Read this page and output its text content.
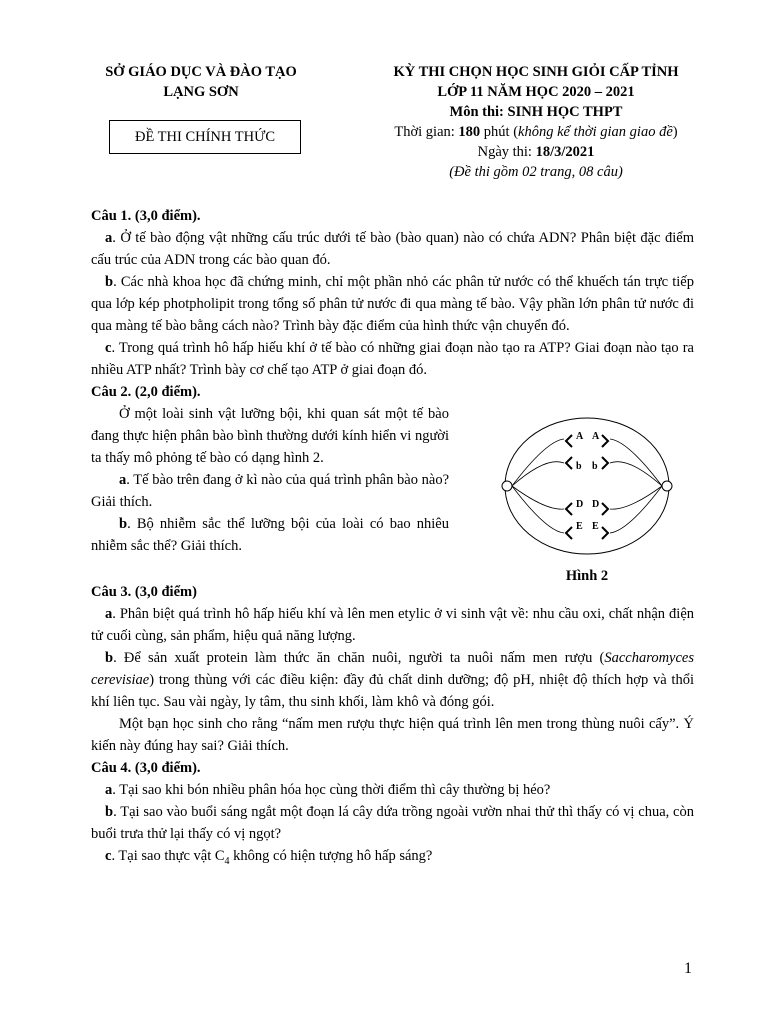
SỞ GIÁO DỤC VÀ ĐÀO TẠO
LẠNG SƠN
ĐỀ THI CHÍNH THỨC
KỲ THI CHỌN HỌC SINH GIỎI CẤP TỈNH
LỚP 11 NĂM HỌC 2020 – 2021
Môn thi: SINH HỌC THPT
Thời gian: 180 phút (không kể thời gian giao đề)
Ngày thi: 18/3/2021
(Đề thi gồm 02 trang, 08 câu)

Câu 1. (3,0 điểm).

a. Ở tế bào động vật những cấu trúc dưới tế bào (bào quan) nào có chứa ADN? Phân biệt đặc điểm cấu trúc của ADN trong các bào quan đó.

b. Các nhà khoa học đã chứng minh, chỉ một phần nhỏ các phân tử nước có thể khuếch tán trực tiếp qua lớp kép photpholipit trong tổng số phân tử nước đi qua màng tế bào. Vậy phần lớn phân tử nước đi qua màng tế bào bằng cách nào? Trình bày đặc điểm của hình thức vận chuyển đó.

c. Trong quá trình hô hấp hiếu khí ở tế bào có những giai đoạn nào tạo ra ATP? Giai đoạn nào tạo ra nhiều ATP nhất? Trình bày cơ chế tạo ATP ở giai đoạn đó.

Câu 2. (2,0 điểm).

Ở một loài sinh vật lưỡng bội, khi quan sát một tế bào đang thực hiện phân bào bình thường dưới kính hiển vi người ta thấy mô phỏng tế bào có dạng hình 2.

a. Tế bào trên đang ở kì nào của quá trình phân bào nào? Giải thích.

b. Bộ nhiễm sắc thể lưỡng bội của loài có bao nhiêu nhiễm sắc thể? Giải thích.

A A
b b
D D
E E
Hình 2

Câu 3. (3,0 điểm)

a. Phân biệt quá trình hô hấp hiếu khí và lên men etylic ở vi sinh vật về: nhu cầu oxi, chất nhận điện tử cuối cùng, sản phẩm, hiệu quả năng lượng.

b. Để sản xuất protein làm thức ăn chăn nuôi, người ta nuôi nấm men rượu (Saccharomyces cerevisiae) trong thùng với các điều kiện: đầy đủ chất dinh dưỡng; độ pH, nhiệt độ thích hợp và thổi khí liên tục. Sau vài ngày, ly tâm, thu sinh khối, làm khô và đóng gói.

Một bạn học sinh cho rằng “nấm men rượu thực hiện quá trình lên men trong thùng nuôi cấy”. Ý kiến này đúng hay sai? Giải thích.

Câu 4. (3,0 điểm).

a. Tại sao khi bón nhiều phân hóa học cùng thời điểm thì cây thường bị héo?

b. Tại sao vào buổi sáng ngắt một đoạn lá cây dứa trồng ngoài vườn nhai thử thì thấy có vị chua, còn buổi trưa thử lại thấy có vị ngọt?

c. Tại sao thực vật $C_4$ không có hiện tượng hô hấp sáng?

1
